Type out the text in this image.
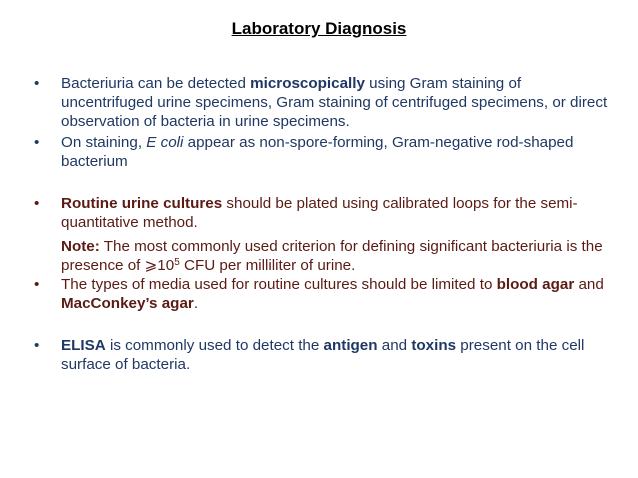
Laboratory Diagnosis

•	Bacteriuria can be detected microscopically using Gram staining of uncentrifuged urine specimens, Gram staining of centrifuged specimens, or direct observation of bacteria in urine specimens.

•	On staining, E coli appear as non-spore-forming, Gram-negative rod-shaped bacterium

•	Routine urine cultures should be plated using calibrated loops for the semi-quantitative method.

Note: The most commonly used criterion for defining significant bacteriuria is the presence of $⩾10^5$ CFU per milliliter of urine.

•	The types of media used for routine cultures should be limited to blood agar and MacConkey’s agar.

•	ELISA is commonly used to detect the antigen and toxins present on the cell surface of bacteria.
